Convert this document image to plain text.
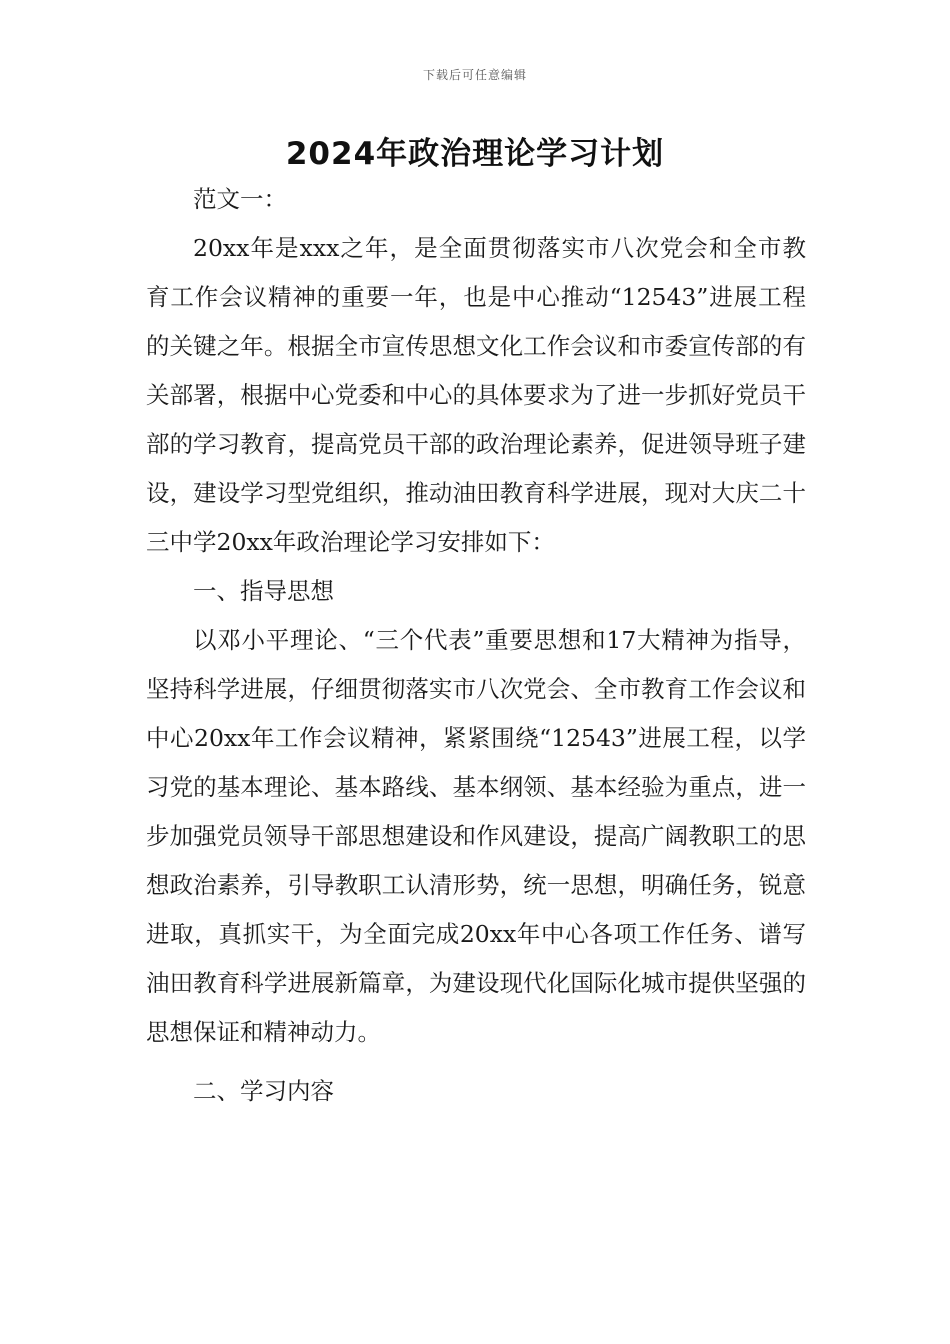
下载后可任意编辑
2024年政治理论学习计划

范文一：

20xx年是xxx之年，是全面贯彻落实市八次党会和全市教育工作会议精神的重要一年，也是中心推动“12543”进展工程的关键之年。根据全市宣传思想文化工作会议和市委宣传部的有关部署，根据中心党委和中心的具体要求为了进一步抓好党员干部的学习教育，提高党员干部的政治理论素养，促进领导班子建设，建设学习型党组织，推动油田教育科学进展，现对大庆二十三中学20xx年政治理论学习安排如下：

一、指导思想

以邓小平理论、“三个代表”重要思想和17大精神为指导，坚持科学进展，仔细贯彻落实市八次党会、全市教育工作会议和中心20xx年工作会议精神，紧紧围绕“12543”进展工程，以学习党的基本理论、基本路线、基本纲领、基本经验为重点，进一步加强党员领导干部思想建设和作风建设，提高广阔教职工的思想政治素养，引导教职工认清形势，统一思想，明确任务，锐意进取，真抓实干，为全面完成20xx年中心各项工作任务、谱写油田教育科学进展新篇章，为建设现代化国际化城市提供坚强的思想保证和精神动力。

二、学习内容
